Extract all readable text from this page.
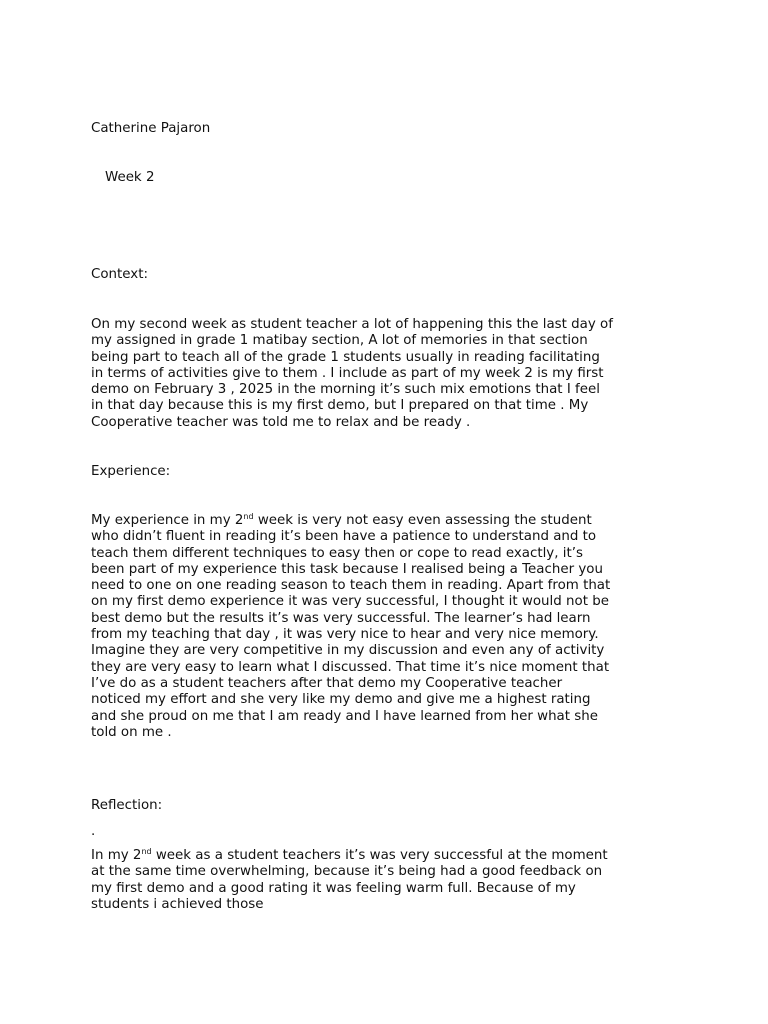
Catherine Pajaron
Week 2
Context:
On my second week as student teacher a lot of happening this the last day of
my assigned in grade 1 matibay section, A lot of memories in that section
being part to teach all of the grade 1 students usually in reading facilitating
in terms of activities give to them . I include as part of my week 2 is my first
demo on February 3 , 2025 in the morning it’s such mix emotions that I feel
in that day because this is my first demo, but I prepared on that time . My
Cooperative teacher was told me to relax and be ready .
Experience:
My experience in my 2nd week is very not easy even assessing the student
who didn’t fluent in reading it’s been have a patience to understand and to
teach them different techniques to easy then or cope to read exactly, it’s
been part of my experience this task because I realised being a Teacher you
need to one on one reading season to teach them in reading. Apart from that
on my first demo experience it was very successful, I thought it would not be
best demo but the results it’s was very successful. The learner’s had learn
from my teaching that day , it was very nice to hear and very nice memory.
Imagine they are very competitive in my discussion and even any of activity
they are very easy to learn what I discussed. That time it’s nice moment that
I’ve do as a student teachers after that demo my Cooperative teacher
noticed my effort and she very like my demo and give me a highest rating
and she proud on me that I am ready and I have learned from her what she
told on me .
Reflection:
.
In my 2nd week as a student teachers it’s was very successful at the moment
at the same time overwhelming, because it’s being had a good feedback on
my first demo and a good rating it was feeling warm full. Because of my
students i achieved those
